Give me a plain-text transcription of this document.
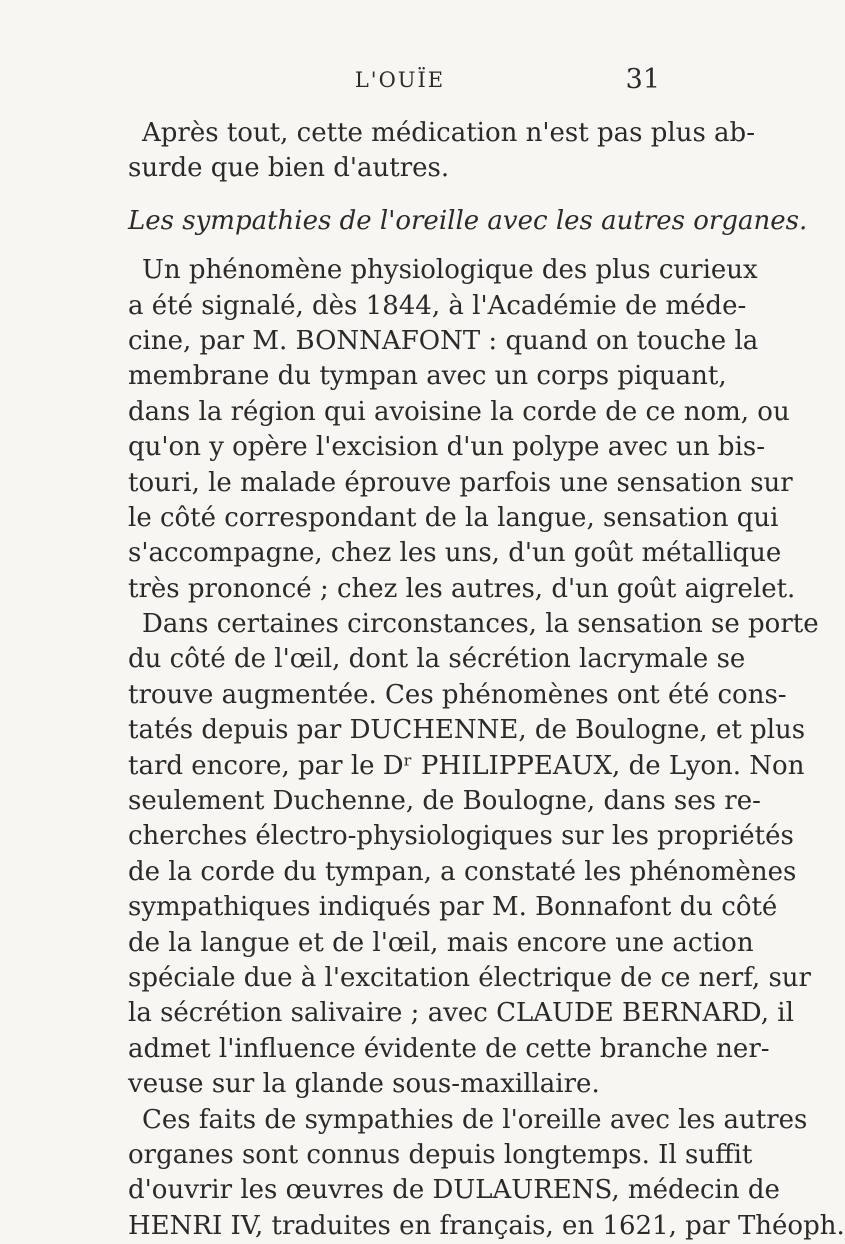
L'OUÏE	31
Après tout, cette médication n'est pas plus ab-
surde que bien d'autres.
Les sympathies de l'oreille avec les autres organes.
Un phénomène physiologique des plus curieux
a été signalé, dès 1844, à l'Académie de méde-
cine, par M. BONNAFONT : quand on touche la
membrane du tympan avec un corps piquant,
dans la région qui avoisine la corde de ce nom, ou
qu'on y opère l'excision d'un polype avec un bis-
touri, le malade éprouve parfois une sensation sur
le côté correspondant de la langue, sensation qui
s'accompagne, chez les uns, d'un goût métallique
très prononcé ; chez les autres, d'un goût aigrelet.
Dans certaines circonstances, la sensation se porte
du côté de l'œil, dont la sécrétion lacrymale se
trouve augmentée. Ces phénomènes ont été cons-
tatés depuis par DUCHENNE, de Boulogne, et plus
tard encore, par le Dʳ PHILIPPEAUX, de Lyon. Non
seulement Duchenne, de Boulogne, dans ses re-
cherches électro-physiologiques sur les propriétés
de la corde du tympan, a constaté les phénomènes
sympathiques indiqués par M. Bonnafont du côté
de la langue et de l'œil, mais encore une action
spéciale due à l'excitation électrique de ce nerf, sur
la sécrétion salivaire ; avec CLAUDE BERNARD, il
admet l'influence évidente de cette branche ner-
veuse sur la glande sous-maxillaire.
Ces faits de sympathies de l'oreille avec les autres
organes sont connus depuis longtemps. Il suffit
d'ouvrir les œuvres de DULAURENS, médecin de
HENRI IV, traduites en français, en 1621, par Théoph.
